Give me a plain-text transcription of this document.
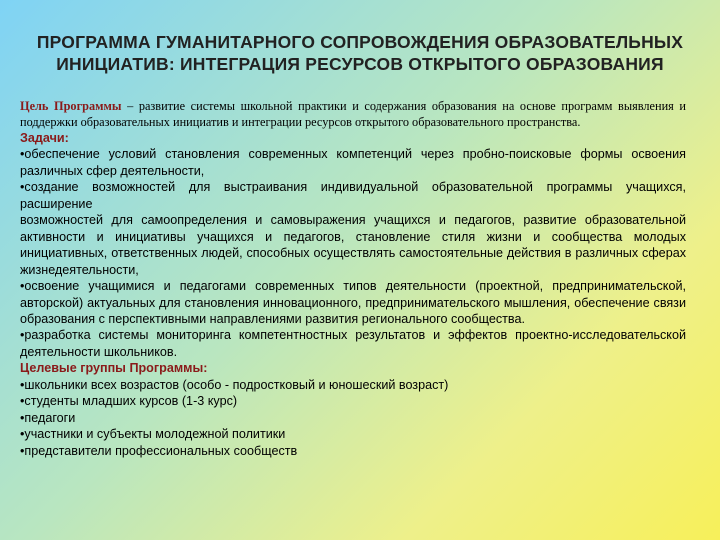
ПРОГРАММА ГУМАНИТАРНОГО СОПРОВОЖДЕНИЯ ОБРАЗОВАТЕЛЬНЫХ ИНИЦИАТИВ: ИНТЕГРАЦИЯ РЕСУРСОВ ОТКРЫТОГО ОБРАЗОВАНИЯ
Цель Программы – развитие системы школьной практики и содержания образования на основе программ выявления и поддержки образовательных инициатив и интеграции ресурсов открытого образовательного пространства.
Задачи:
• обеспечение условий становления современных компетенций через пробно-поисковые формы освоения различных сфер деятельности,
• создание возможностей для выстраивания индивидуальной образовательной программы учащихся, расширение
возможностей для самоопределения и самовыражения учащихся и педагогов, развитие образовательной активности и инициативы учащихся и педагогов, становление стиля жизни и сообщества молодых инициативных, ответственных людей, способных осуществлять самостоятельные действия в различных сферах жизнедеятельности,
• освоение учащимися и педагогами современных типов деятельности (проектной, предпринимательской, авторской) актуальных для становления инновационного, предпринимательского мышления, обеспечение связи образования с перспективными направлениями развития регионального сообщества.
• разработка системы мониторинга компетентностных результатов и эффектов проектно-исследовательской деятельности школьников.
Целевые группы Программы:
• школьники всех возрастов (особо - подростковый и юношеский возраст)
• студенты младших курсов (1-3 курс)
• педагоги
• участники и субъекты молодежной политики
• представители профессиональных сообществ
